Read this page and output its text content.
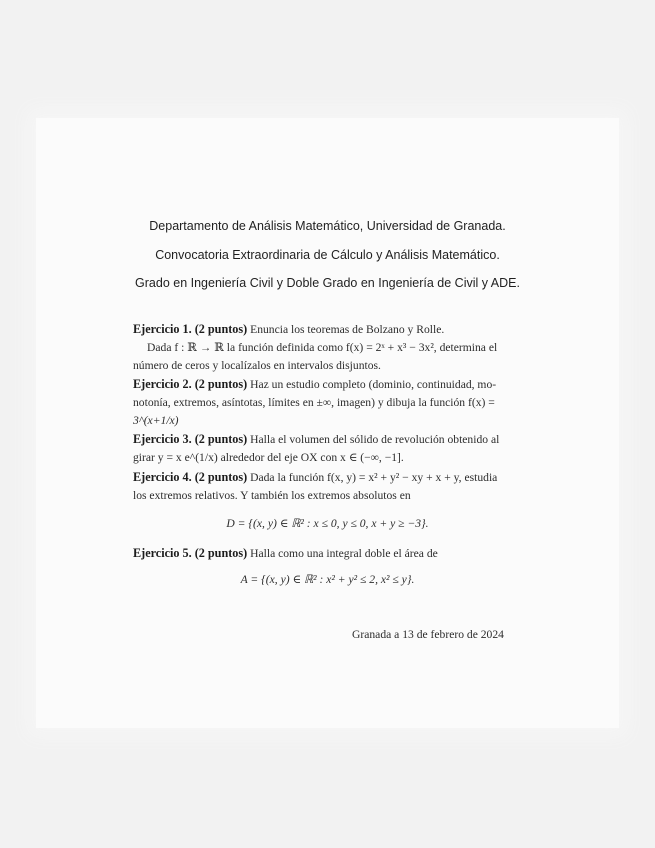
Departamento de Análisis Matemático, Universidad de Granada.
Convocatoria Extraordinaria de Cálculo y Análisis Matemático.
Grado en Ingeniería Civil y Doble Grado en Ingeniería de Civil y ADE.
Ejercicio 1. (2 puntos) Enuncia los teoremas de Bolzano y Rolle.
Dada f : ℝ → ℝ la función definida como f(x) = 2ˣ + x³ − 3x², determina el
número de ceros y localízalos en intervalos disjuntos.
Ejercicio 2. (2 puntos) Haz un estudio completo (dominio, continuidad, mo-
notonía, extremos, asíntotas, límites en ±∞, imagen) y dibuja la función f(x) =
3^(x+1/x)
Ejercicio 3. (2 puntos) Halla el volumen del sólido de revolución obtenido al
girar y = x e^(1/x) alrededor del eje OX con x ∈ (−∞, −1].
Ejercicio 4. (2 puntos) Dada la función f(x, y) = x² + y² − xy + x + y, estudia
los extremos relativos. Y también los extremos absolutos en
D = {(x, y) ∈ ℝ² : x ≤ 0, y ≤ 0, x + y ≥ −3}.
Ejercicio 5. (2 puntos) Halla como una integral doble el área de
A = {(x, y) ∈ ℝ² : x² + y² ≤ 2, x² ≤ y}.
Granada a 13 de febrero de 2024
